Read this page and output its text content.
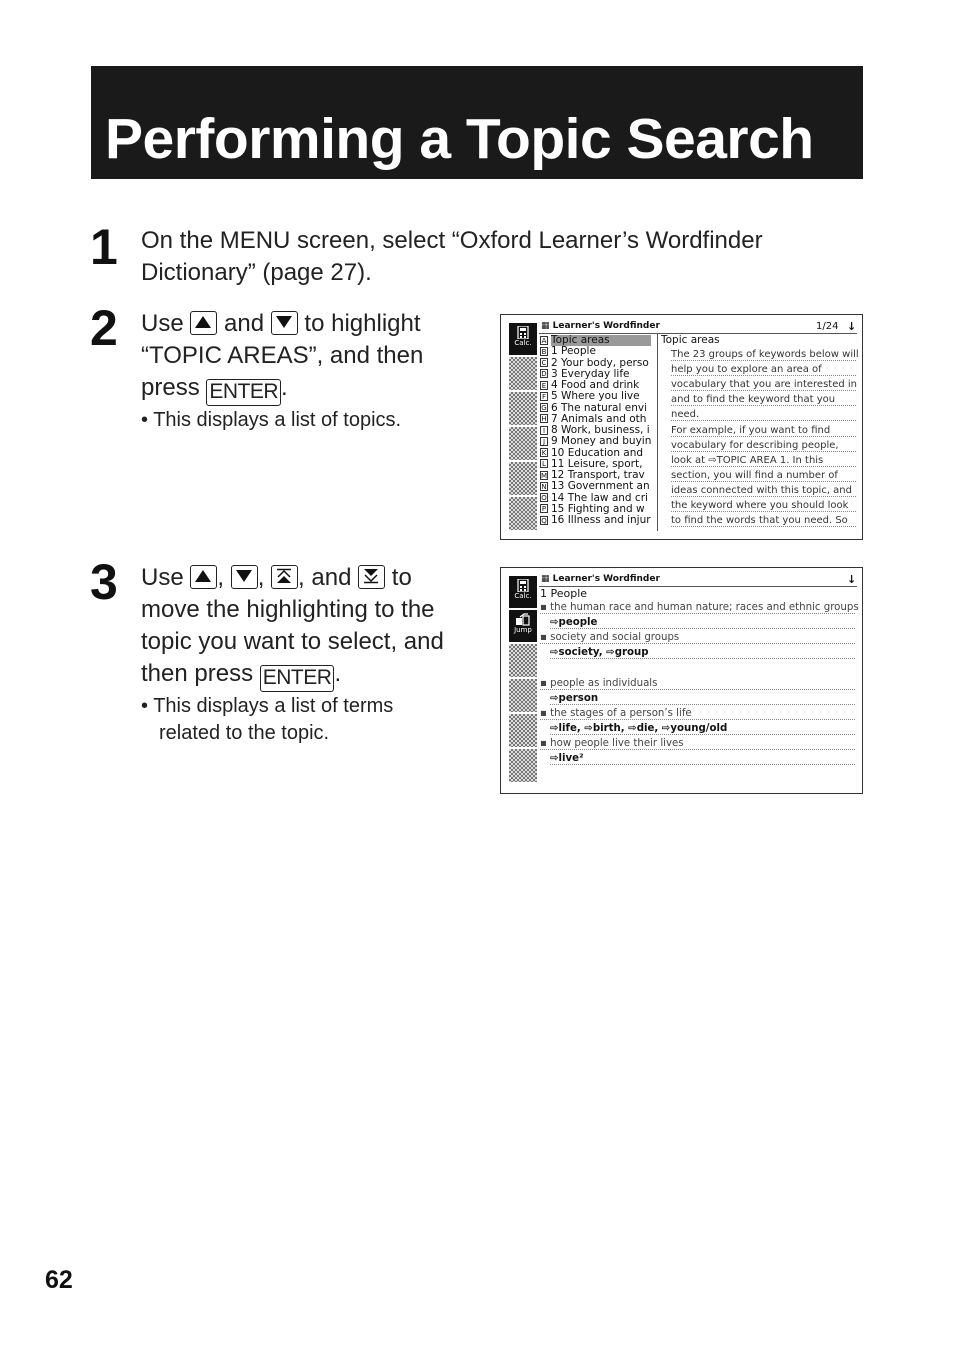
Performing a Topic Search
1 On the MENU screen, select “Oxford Learner’s Wordfinder
Dictionary” (page 27).
2 Use and to highlight
“TOPIC AREAS”, and then
press ENTER .
• This displays a list of topics.
Calc.
▦ Learner's Wordfinder	1/24 ↓
A Topic areas
B 1 People
C 2 Your body, perso
D 3 Everyday life
E 4 Food and drink
F 5 Where you live
G 6 The natural envi
H 7 Animals and oth
I 8 Work, business, i
J 9 Money and buyin
K 10 Education and
L 11 Leisure, sport,
M 12 Transport, trav
N 13 Government an
O 14 The law and cri
P 15 Fighting and w
Q 16 Illness and injur
Topic areas
The 23 groups of keywords below will
help you to explore an area of
vocabulary that you are interested in
and to find the keyword that you
need.
For example, if you want to find
vocabulary for describing people,
look at ⇨TOPIC AREA 1. In this
section, you will find a number of
ideas connected with this topic, and
the keyword where you should look
to find the words that you need. So
3 Use , , , and to
move the highlighting to the
topic you want to select, and
then press ENTER .
• This displays a list of terms
related to the topic.
Calc.
Jump
▦ Learner's Wordfinder	↓
1 People
▪ the human race and human nature; races and ethnic groups
⇨people
▪ society and social groups
⇨society, ⇨group
▪ people as individuals
⇨person
▪ the stages of a person’s life
⇨life, ⇨birth, ⇨die, ⇨young/old
▪ how people live their lives
⇨live²
62
